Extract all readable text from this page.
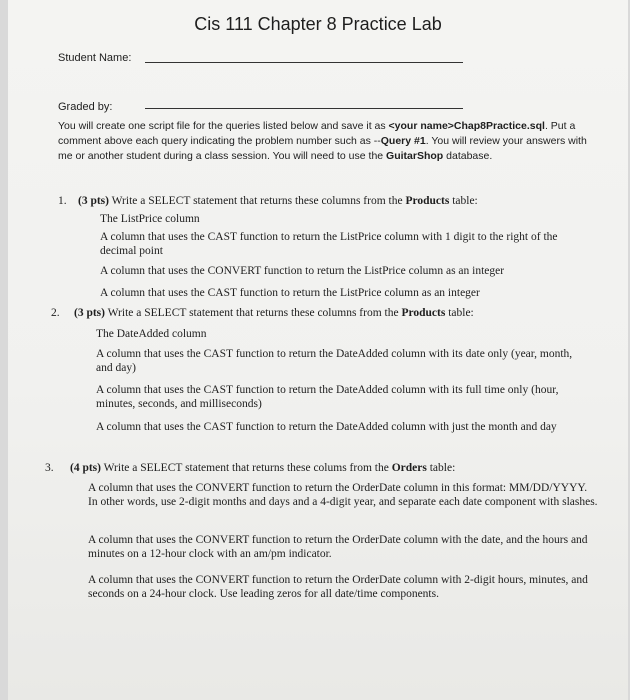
Cis 111 Chapter 8 Practice Lab
Student Name:
Graded by:
You will create one script file for the queries listed below and save it as <your name>Chap8Practice.sql. Put a comment above each query indicating the problem number such as --Query #1. You will review your answers with me or another student during a class session. You will need to use the GuitarShop database.
1. (3 pts) Write a SELECT statement that returns these columns from the Products table:
The ListPrice column
A column that uses the CAST function to return the ListPrice column with 1 digit to the right of the decimal point
A column that uses the CONVERT function to return the ListPrice column as an integer
A column that uses the CAST function to return the ListPrice column as an integer
2.	(3 pts) Write a SELECT statement that returns these columns from the Products table:
The DateAdded column
A column that uses the CAST function to return the DateAdded column with its date only (year, month, and day)
A column that uses the CAST function to return the DateAdded column with its full time only (hour, minutes, seconds, and milliseconds)
A column that uses the CAST function to return the DateAdded column with just the month and day
3.	(4 pts) Write a SELECT statement that returns these colums from the Orders table:
A column that uses the CONVERT function to return the OrderDate column in this format: MM/DD/YYYY. In other words, use 2-digit months and days and a 4-digit year, and separate each date component with slashes.
A column that uses the CONVERT function to return the OrderDate column with the date, and the hours and minutes on a 12-hour clock with an am/pm indicator.
A column that uses the CONVERT function to return the OrderDate column with 2-digit hours, minutes, and seconds on a 24-hour clock. Use leading zeros for all date/time components.
